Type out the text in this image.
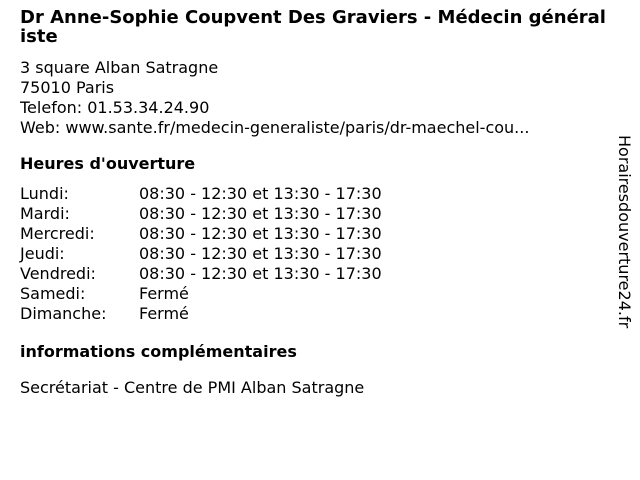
Dr Anne-Sophie Coupvent Des Graviers - Médecin généraliste
3 square Alban Satragne
75010 Paris
Telefon: 01.53.34.24.90
Web: www.sante.fr/medecin-generaliste/paris/dr-maechel-cou...
Heures d'ouverture
Lundi:	08:30 - 12:30 et 13:30 - 17:30
Mardi:	08:30 - 12:30 et 13:30 - 17:30
Mercredi:	08:30 - 12:30 et 13:30 - 17:30
Jeudi:	08:30 - 12:30 et 13:30 - 17:30
Vendredi:	08:30 - 12:30 et 13:30 - 17:30
Samedi:	Fermé
Dimanche:	Fermé
informations complémentaires
Secrétariat - Centre de PMI Alban Satragne
Horairesdouverture24.fr
